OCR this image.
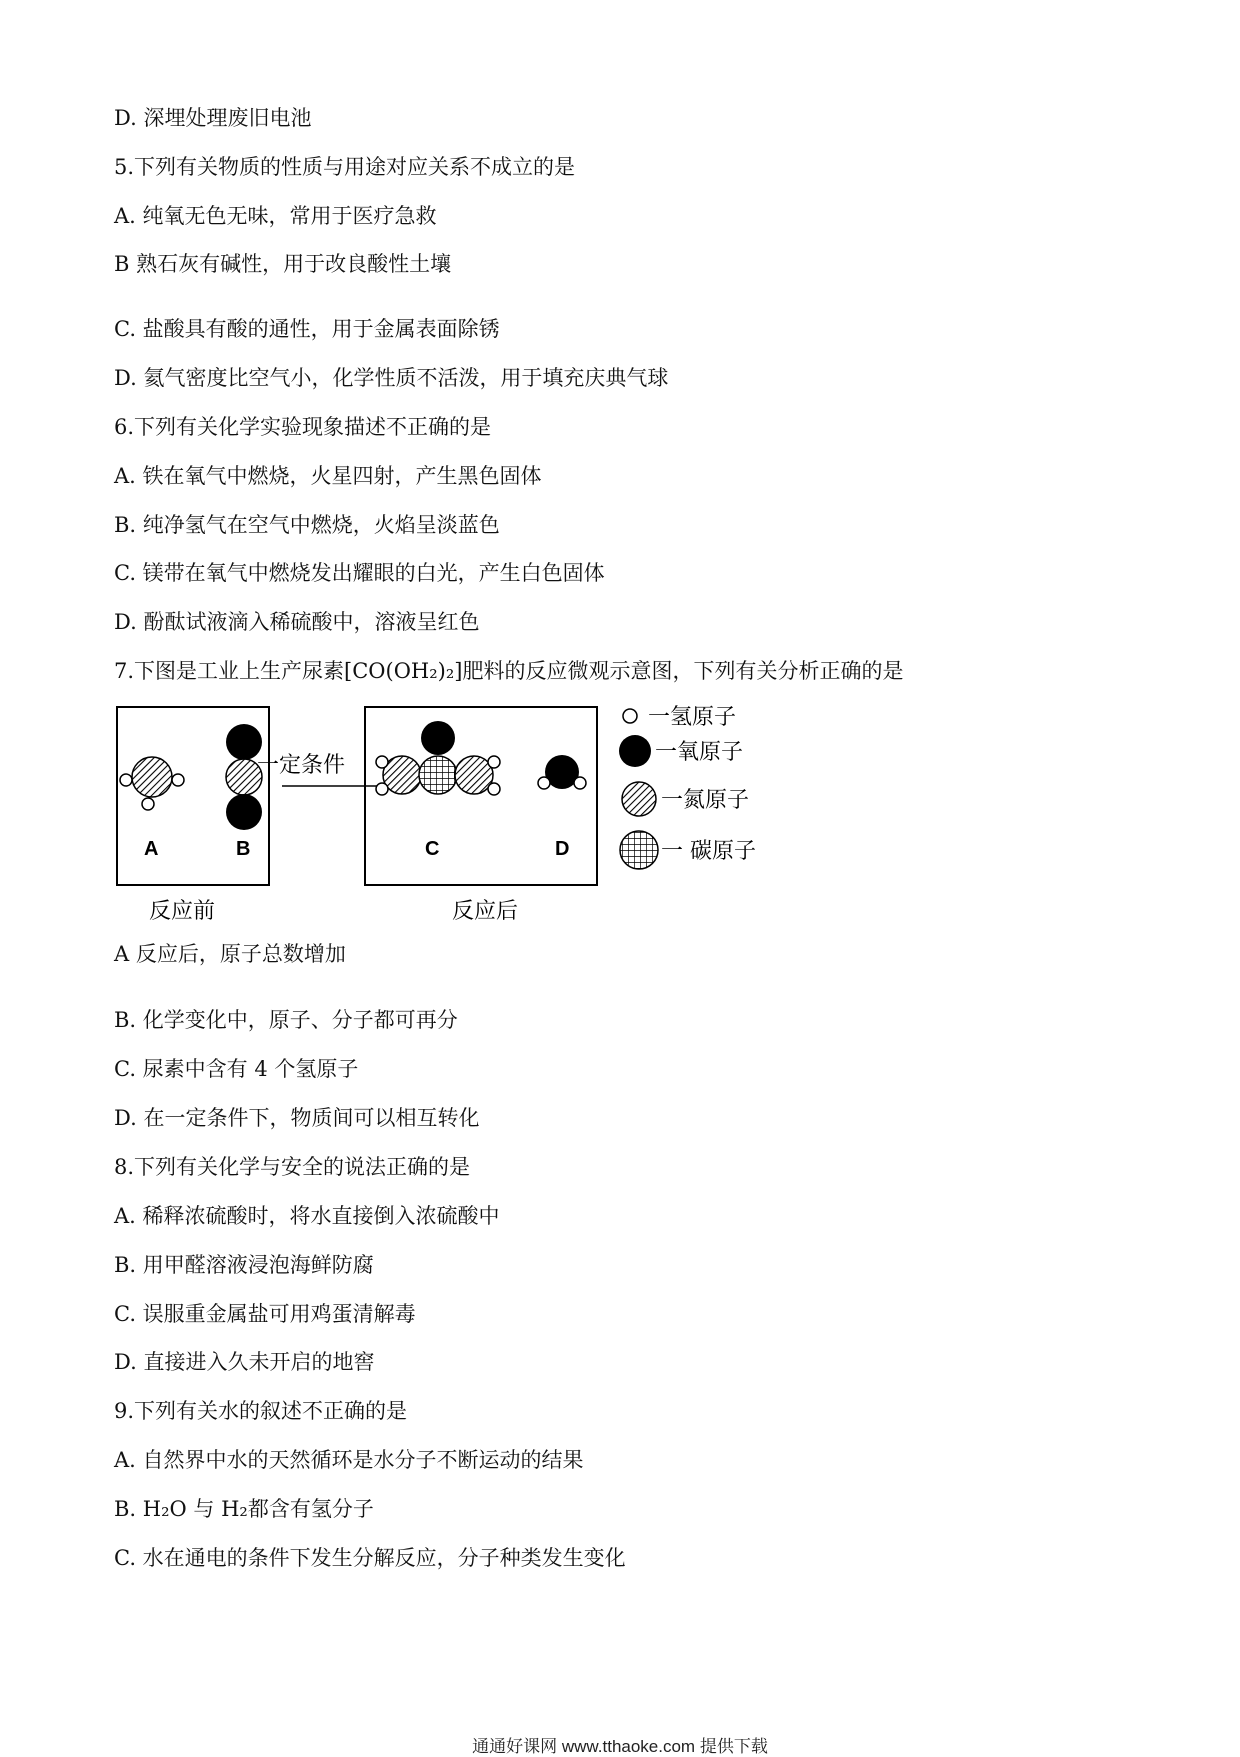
D. 深埋处理废旧电池
5.下列有关物质的性质与用途对应关系不成立的是
A. 纯氧无色无味，常用于医疗急救
B 熟石灰有碱性，用于改良酸性土壤
C. 盐酸具有酸的通性，用于金属表面除锈
D. 氦气密度比空气小，化学性质不活泼，用于填充庆典气球
6.下列有关化学实验现象描述不正确的是
A. 铁在氧气中燃烧，火星四射，产生黑色固体
B. 纯净氢气在空气中燃烧，火焰呈淡蓝色
C. 镁带在氧气中燃烧发出耀眼的白光，产生白色固体
D. 酚酞试液滴入稀硫酸中，溶液呈红色
7.下图是工业上生产尿素[CO(OH₂)₂]肥料的反应微观示意图，下列有关分析正确的是
A	B
反应前
一定条件
C	D
反应后
一氢原子
一氧原子
一氮原子
一 碳原子
A 反应后，原子总数增加
B. 化学变化中，原子、分子都可再分
C. 尿素中含有 4 个氢原子
D. 在一定条件下，物质间可以相互转化
8.下列有关化学与安全的说法正确的是
A. 稀释浓硫酸时，将水直接倒入浓硫酸中
B. 用甲醛溶液浸泡海鲜防腐
C. 误服重金属盐可用鸡蛋清解毒
D. 直接进入久未开启的地窖
9.下列有关水的叙述不正确的是
A. 自然界中水的天然循环是水分子不断运动的结果
B. H₂O 与 H₂都含有氢分子
C. 水在通电的条件下发生分解反应，分子种类发生变化
通通好课网 www.tthaoke.com 提供下载
